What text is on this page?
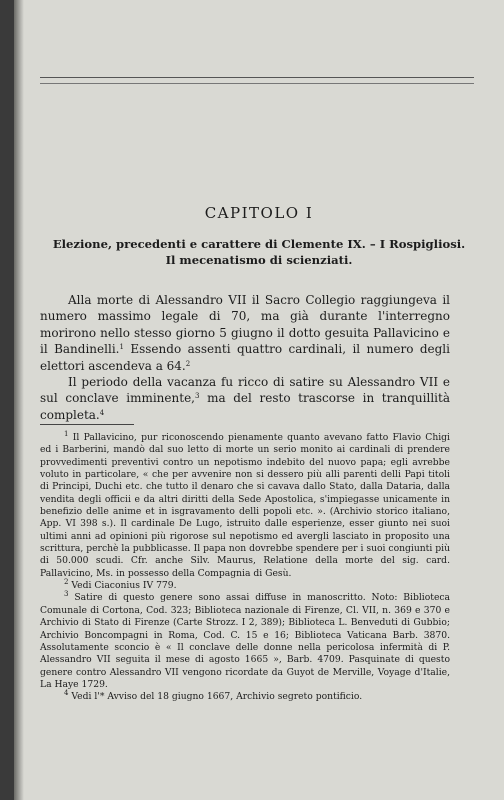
CAPITOLO I
Elezione, precedenti e carattere di Clemente IX. – I Rospigliosi.
Il mecenatismo di scienziati.

Alla morte di Alessandro VII il Sacro Collegio raggiungeva il numero massimo legale di 70, ma già durante l'interregno morirono nello stesso giorno 5 giugno il dotto gesuita Pallavicino e il Bandinelli.$^1$ Essendo assenti quattro cardinali, il numero degli elettori ascendeva a 64.$^2$

Il periodo della vacanza fu ricco di satire su Alessandro VII e sul conclave imminente,$^3$ ma del resto trascorse in tranquillità completa.$^4$

$^1$ Il Pallavicino, pur riconoscendo pienamente quanto avevano fatto Flavio Chigi ed i Barberini, mandò dal suo letto di morte un serio monito ai cardinali di prendere provvedimenti preventivi contro un nepotismo indebito del nuovo papa; egli avrebbe voluto in particolare, « che per avvenire non si dessero più alli parenti delli Papi titoli di Principi, Duchi etc. che tutto il denaro che si cavava dallo Stato, dalla Dataria, dalla vendita degli officii e da altri diritti della Sede Apostolica, s'impiegasse unicamente in benefizio delle anime et in isgravamento delli popoli etc. ». (Archivio storico italiano, App. VI 398 s.). Il cardinale De Lugo, istruito dalle esperienze, esser giunto nei suoi ultimi anni ad opinioni più rigorose sul nepotismo ed avergli lasciato in proposito una scrittura, perchè la pubblicasse. Il papa non dovrebbe spendere per i suoi congiunti più di 50.000 scudi. Cfr. anche Silv. Maurus, Relatione della morte del sig. card. Pallavicino, Ms. in possesso della Compagnia di Gesù.

$^2$ Vedi Ciaconius IV 779.

$^3$ Satire di questo genere sono assai diffuse in manoscritto. Noto: Biblioteca Comunale di Cortona, Cod. 323; Biblioteca nazionale di Firenze, Cl. VII, n. 369 e 370 e Archivio di Stato di Firenze (Carte Strozz. I 2, 389); Biblioteca L. Benveduti di Gubbio; Archivio Boncompagni in Roma, Cod. C. 15 e 16; Biblioteca Vaticana Barb. 3870. Assolutamente sconcio è « Il conclave delle donne nella pericolosa infermità di P. Alessandro VII seguita il mese di agosto 1665 », Barb. 4709. Pasquinate di questo genere contro Alessandro VII vengono ricordate da Guyot de Merville, Voyage d'Italie, La Haye 1729.

$^4$ Vedi l'* Avviso del 18 giugno 1667, Archivio segreto pontificio.
